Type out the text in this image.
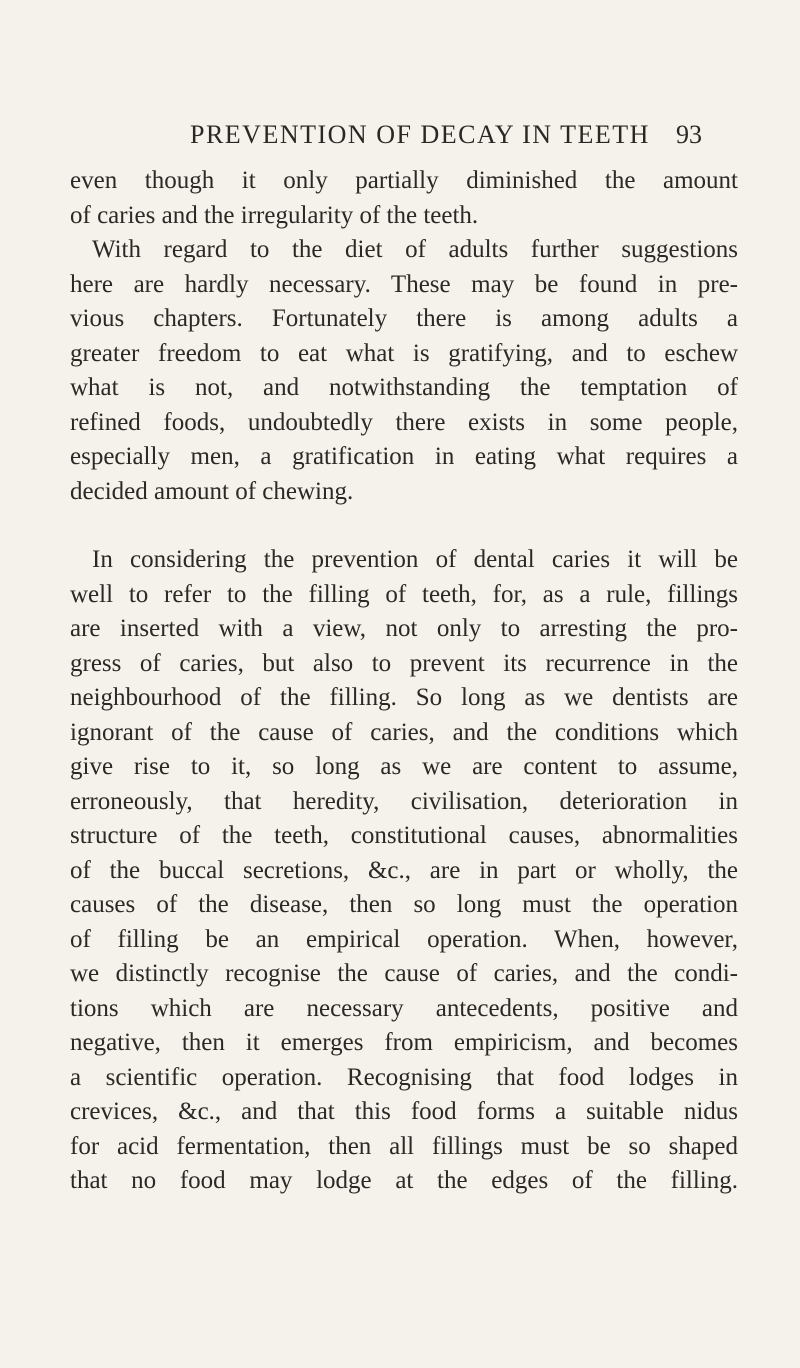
PREVENTION OF DECAY IN TEETH 93
even though it only partially diminished the amount
of caries and the irregularity of the teeth.
With regard to the diet of adults further suggestions
here are hardly necessary. These may be found in pre-
vious chapters. Fortunately there is among adults a
greater freedom to eat what is gratifying, and to eschew
what is not, and notwithstanding the temptation of
refined foods, undoubtedly there exists in some people,
especially men, a gratification in eating what requires a
decided amount of chewing.
In considering the prevention of dental caries it will be
well to refer to the filling of teeth, for, as a rule, fillings
are inserted with a view, not only to arresting the pro-
gress of caries, but also to prevent its recurrence in the
neighbourhood of the filling. So long as we dentists are
ignorant of the cause of caries, and the conditions which
give rise to it, so long as we are content to assume,
erroneously, that heredity, civilisation, deterioration in
structure of the teeth, constitutional causes, abnormalities
of the buccal secretions, &c., are in part or wholly, the
causes of the disease, then so long must the operation
of filling be an empirical operation. When, however,
we distinctly recognise the cause of caries, and the condi-
tions which are necessary antecedents, positive and
negative, then it emerges from empiricism, and becomes
a scientific operation. Recognising that food lodges in
crevices, &c., and that this food forms a suitable nidus
for acid fermentation, then all fillings must be so shaped
that no food may lodge at the edges of the filling.
